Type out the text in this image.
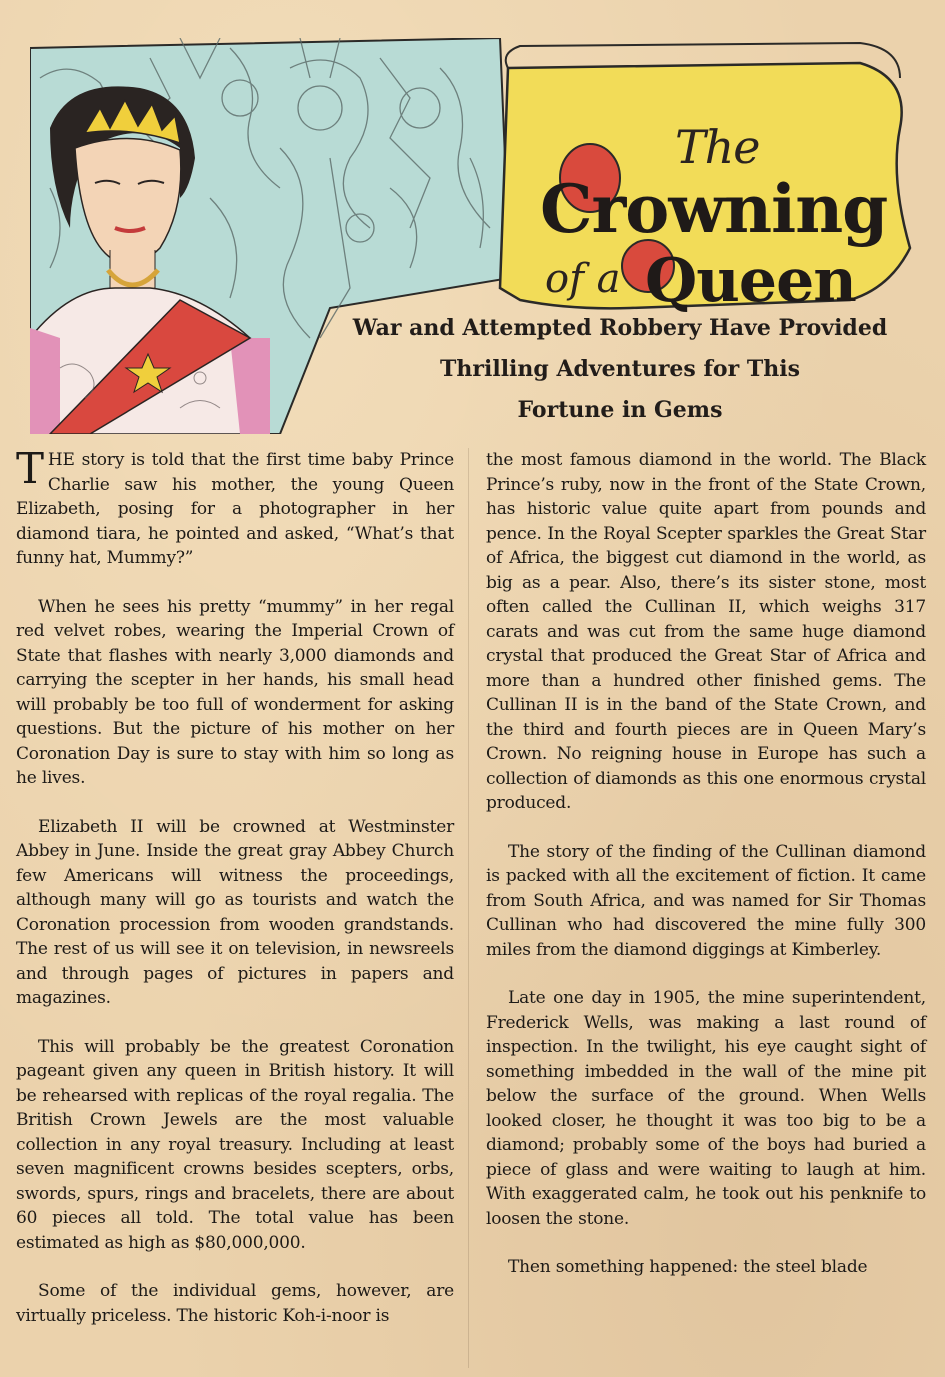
The
Crowning
of a Queen
War and Attempted Robbery Have Provided
Thrilling Adventures for This
Fortune in Gems

THE story is told that the first time baby Prince Charlie saw his mother, the young Queen Elizabeth, posing for a photographer in her diamond tiara, he pointed and asked, “What’s that funny hat, Mummy?”

When he sees his pretty “mummy” in her regal red velvet robes, wearing the Imperial Crown of State that flashes with nearly 3,000 diamonds and carrying the scepter in her hands, his small head will probably be too full of wonderment for asking questions. But the picture of his mother on her Coronation Day is sure to stay with him so long as he lives.

Elizabeth II will be crowned at Westminster Abbey in June. Inside the great gray Abbey Church few Americans will witness the proceedings, although many will go as tourists and watch the Coronation procession from wooden grandstands. The rest of us will see it on television, in newsreels and through pages of pictures in papers and magazines.

This will probably be the greatest Coronation pageant given any queen in British history. It will be rehearsed with replicas of the royal regalia. The British Crown Jewels are the most valuable collection in any royal treasury. Including at least seven magnificent crowns besides scepters, orbs, swords, spurs, rings and bracelets, there are about 60 pieces all told. The total value has been estimated as high as $80,000,000.

Some of the individual gems, however, are virtually priceless. The historic Koh-i-noor is

the most famous diamond in the world. The Black Prince’s ruby, now in the front of the State Crown, has historic value quite apart from pounds and pence. In the Royal Scepter sparkles the Great Star of Africa, the biggest cut diamond in the world, as big as a pear. Also, there’s its sister stone, most often called the Cullinan II, which weighs 317 carats and was cut from the same huge diamond crystal that produced the Great Star of Africa and more than a hundred other finished gems. The Cullinan II is in the band of the State Crown, and the third and fourth pieces are in Queen Mary’s Crown. No reigning house in Europe has such a collection of diamonds as this one enormous crystal produced.

The story of the finding of the Cullinan diamond is packed with all the excitement of fiction. It came from South Africa, and was named for Sir Thomas Cullinan who had discovered the mine fully 300 miles from the diamond diggings at Kimberley.

Late one day in 1905, the mine superintendent, Frederick Wells, was making a last round of inspection. In the twilight, his eye caught sight of something imbedded in the wall of the mine pit below the surface of the ground. When Wells looked closer, he thought it was too big to be a diamond; probably some of the boys had buried a piece of glass and were waiting to laugh at him. With exaggerated calm, he took out his penknife to loosen the stone.

Then something happened: the steel blade
